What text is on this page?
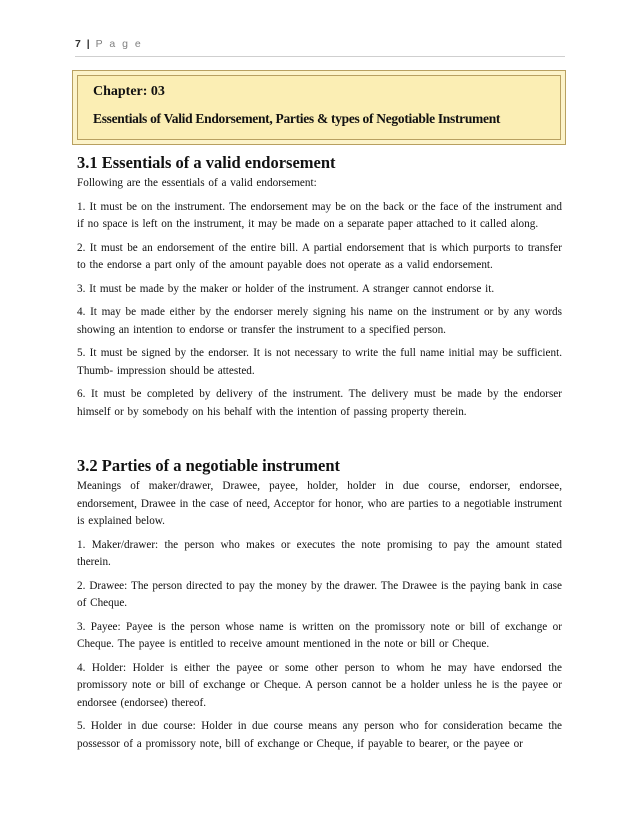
7 | P a g e
Chapter: 03
Essentials of Valid Endorsement, Parties & types of Negotiable Instrument
3.1 Essentials of a valid endorsement

Following are the essentials of a valid endorsement:

1. It must be on the instrument. The endorsement may be on the back or the face of the instrument and if no space is left on the instrument, it may be made on a separate paper attached to it called along.

2. It must be an endorsement of the entire bill. A partial endorsement that is which purports to transfer to the endorse a part only of the amount payable does not operate as a valid endorsement.

3. It must be made by the maker or holder of the instrument. A stranger cannot endorse it.

4. It may be made either by the endorser merely signing his name on the instrument or by any words showing an intention to endorse or transfer the instrument to a specified person.

5. It must be signed by the endorser. It is not necessary to write the full name initial may be sufficient. Thumb- impression should be attested.

6. It must be completed by delivery of the instrument. The delivery must be made by the endorser himself or by somebody on his behalf with the intention of passing property therein.

3.2 Parties of a negotiable instrument

Meanings of maker/drawer, Drawee, payee, holder, holder in due course, endorser, endorsee, endorsement, Drawee in the case of need, Acceptor for honor, who are parties to a negotiable instrument is explained below.

1. Maker/drawer: the person who makes or executes the note promising to pay the amount stated therein.

2. Drawee: The person directed to pay the money by the drawer. The Drawee is the paying bank in case of Cheque.

3. Payee: Payee is the person whose name is written on the promissory note or bill of exchange or Cheque. The payee is entitled to receive amount mentioned in the note or bill or Cheque.

4. Holder: Holder is either the payee or some other person to whom he may have endorsed the promissory note or bill of exchange or Cheque. A person cannot be a holder unless he is the payee or endorsee (endorsee) thereof.

5. Holder in due course: Holder in due course means any person who for consideration became the possessor of a promissory note, bill of exchange or Cheque, if payable to bearer, or the payee or
